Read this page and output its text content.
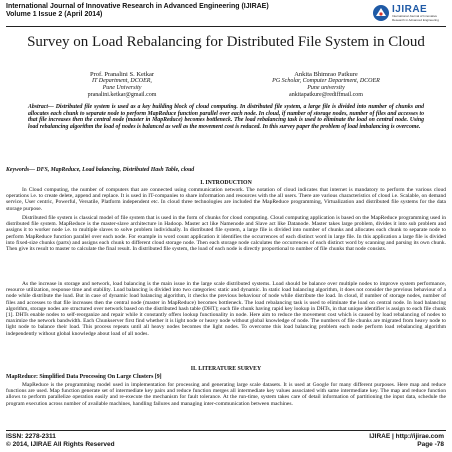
International Journal of Innovative Research in Advanced Engineering (IJIRAE)
Volume 1 Issue 2 (April 2014)	IJIRAE
International Journal of Innovative Research in Advanced Engineering
Survey on Load Rebalancing for Distributed File System in Cloud
Prof. Pranalini S. Ketkar
IT Department, DCOER,
Pune University
pranalini.ketkar@gmail.com
Ankita Bhimrao Patkure
PG Scholar, Computer Department, DCOER
Pune university
ankitapatkure@rediffmail.com
Abstract— Distributed file system is used as a key building block of cloud computing. In distributed file system, a large file is divided into number of chunks and allocates each chunk to separate node to perform MapReduce function parallel over each node. In cloud, if number of storage nodes, number of files and accesses to that file increases then the central node (master in MapReduce) becomes bottleneck. The load rebalancing task is used to eliminate the load on central node. Using load rebalancing algorithm the load of nodes is balanced as well as the movement cost is reduced. In this survey paper the problem of load imbalancing is overcome.
Keywords— DFS, MapReduce, Load balancing, Distributed Hash Table, cloud
I. INTRODUCTION
In Cloud computing, the number of computers that are connected using communication network. The notation of cloud indicates that internet is mandatory to perform the various cloud operations i.e. to create delete, append and replace. It is used in IT-companies to share information and resources with the all users. There are various characteristics of cloud i.e. Scalable, on demand service, User centric, Powerful, Versatile, Platform independent etc. In cloud three technologies are included the MapReduce programming, Virtualization and distributed file systems for the data storage purpose.
Distributed file system is classical model of file system that is used in the form of chunks for cloud computing. Cloud computing application is based on the MapReduce programming used in distributed file system. MapReduce is the master-slave architecture in Hadoop. Master act like Namenode and Slave act like Datanode. Master takes large problem, divides it into sub problem and assigns it to worker node i.e. to multiple slaves to solve problem individually. In distributed file system, a large file is divided into number of chunks and allocates each chunk to separate node to perform MapReduce function parallel over each node. For example in word count application it identifies the occurrences of each distinct word in large file. In this application a large file is divided into fixed-size chunks (parts) and assigns each chunk to different cloud storage node. Then each storage node calculates the occurrences of each distinct word by scanning and parsing its own chunk. Then give its result to master to calculate the final result. In distributed file system, the load of each node is directly proportional to number of file chunks that node consists.
As the increase in storage and network, load balancing is the main issue in the large scale distributed systems. Load should be balance over multiple nodes to improve system performance, resource utilization, response time and stability. Load balancing is divided into two categories: static and dynamic. In static load balancing algorithm, it does not consider the previous behaviour of a node while distribute the load. But in case of dynamic load balancing algorithm, it checks the previous behaviour of node while distribute the load. In cloud, if number of storage nodes, number of files and accesses to that file increases then the central node (master in MapReduce) becomes bottleneck. The load rebalancing task is used to eliminate the load on central node. In load balancing algorithm, storage nodes are structured over network based on the distributed hash table (DHT); each file chunk having rapid key lookup in DHTs, in that unique identifier is assign to each file chunk [1]. DHTs enable nodes to self-reorganize and repair while it constantly offers lookup functionality in node. Here aim to reduce the movement cost which is caused by load rebalancing of nodes to maximize the network bandwidth. Each Chunkserver first find whether it is light node or heavy node without global knowledge of node. The numbers of file chunks are migrated from heavy node to light node to balance their load. This process repeats until all heavy nodes becomes the light nodes. To overcome this load balancing problem each node perform load rebalancing algorithm independently without global knowledge about load of all nodes.
II. LITERATURE SURVEY
MapReduce: Simplified Data Processing On Large Clusters [9]
MapReduce is the programming model used in implementation for processing and generating large scale datasets. It is used at Google for many different purposes. Here map and reduce functions are used. Map function generate set of intermediate key pairs and reduce function merges all intermediate key values associated with same intermediate key. The map and reduce function allows to perform parallelize operation easily and re-execute the mechanism for fault tolerance. At the run-time, system takes care of detail information of partitioning the input data, schedule the program execution across number of available machines, handling failures and managing inter-communication between machines.
ISSN: 2278-2311
© 2014, IJIRAE All Rights Reserved
IJIRAE | http://ijirae.com
Page -78
